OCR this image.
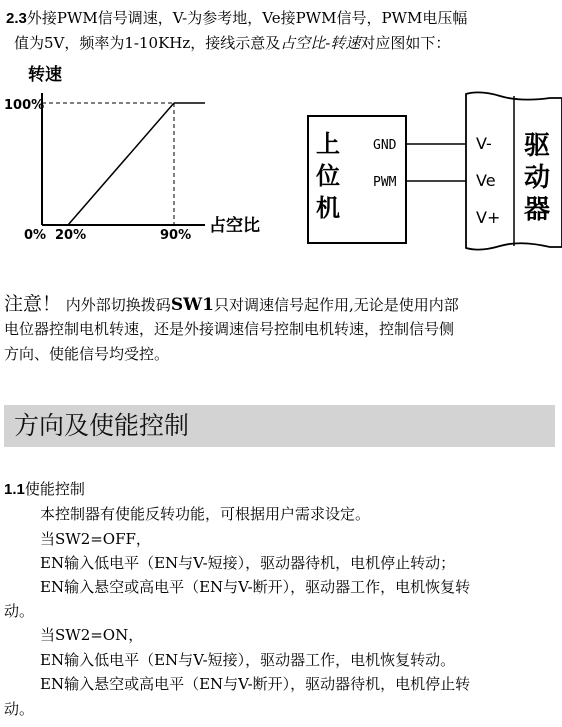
2.3外接PWM信号调速，V-为参考地，Ve接PWM信号，PWM电压幅
值为5V，频率为1-10KHz，接线示意及占空比-转速对应图如下：
转速
100%
0% 20%	90% 占空比
上
位
机
GND
PWM
V-
Ve
V+
驱
动
器
注意！ 内外部切换拨码SW1只对调速信号起作用,无论是使用内部
电位器控制电机转速，还是外接调速信号控制电机转速，控制信号侧
方向、使能信号均受控。
方向及使能控制
1.1使能控制
本控制器有使能反转功能，可根据用户需求设定。
当SW2=OFF，
EN输入低电平（EN与V-短接），驱动器待机，电机停止转动；
EN输入悬空或高电平（EN与V-断开），驱动器工作，电机恢复转
动。
当SW2=ON，
EN输入低电平（EN与V-短接），驱动器工作，电机恢复转动。
EN输入悬空或高电平（EN与V-断开），驱动器待机，电机停止转
动。
